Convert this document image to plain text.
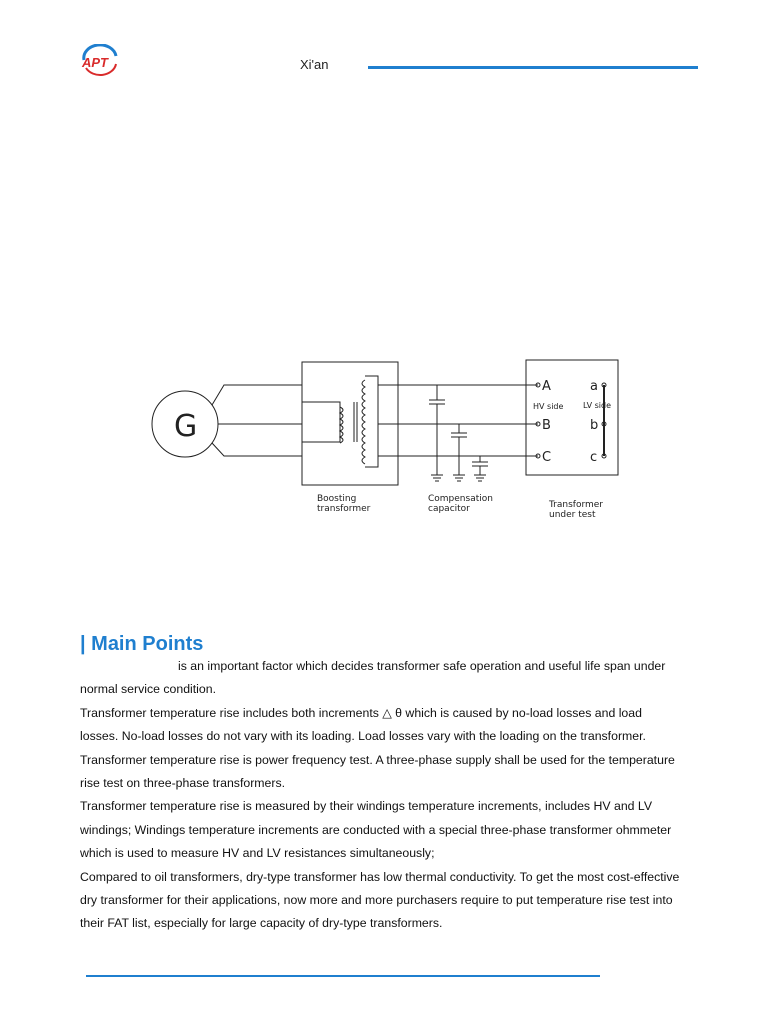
APT	Xi'an
G
A
B
C
HV side
a
b
c
LV side
Boosting
transformer
Compensation
capacitor	Transformer
under test
| Main Points

is an important factor which decides transformer safe operation and useful life span under normal service condition.

Transformer temperature rise includes both increments △ θ which is caused by no-load losses and load losses. No-load losses do not vary with its loading. Load losses vary with the loading on the transformer.

Transformer temperature rise is power frequency test. A three-phase supply shall be used for the temperature rise test on three-phase transformers.

Transformer temperature rise is measured by their windings temperature increments, includes HV and LV windings; Windings temperature increments are conducted with a special three-phase transformer ohmmeter which is used to measure HV and LV resistances simultaneously;

Compared to oil transformers, dry-type transformer has low thermal conductivity. To get the most cost-effective dry transformer for their applications, now more and more purchasers require to put temperature rise test into their FAT list, especially for large capacity of dry-type transformers.
